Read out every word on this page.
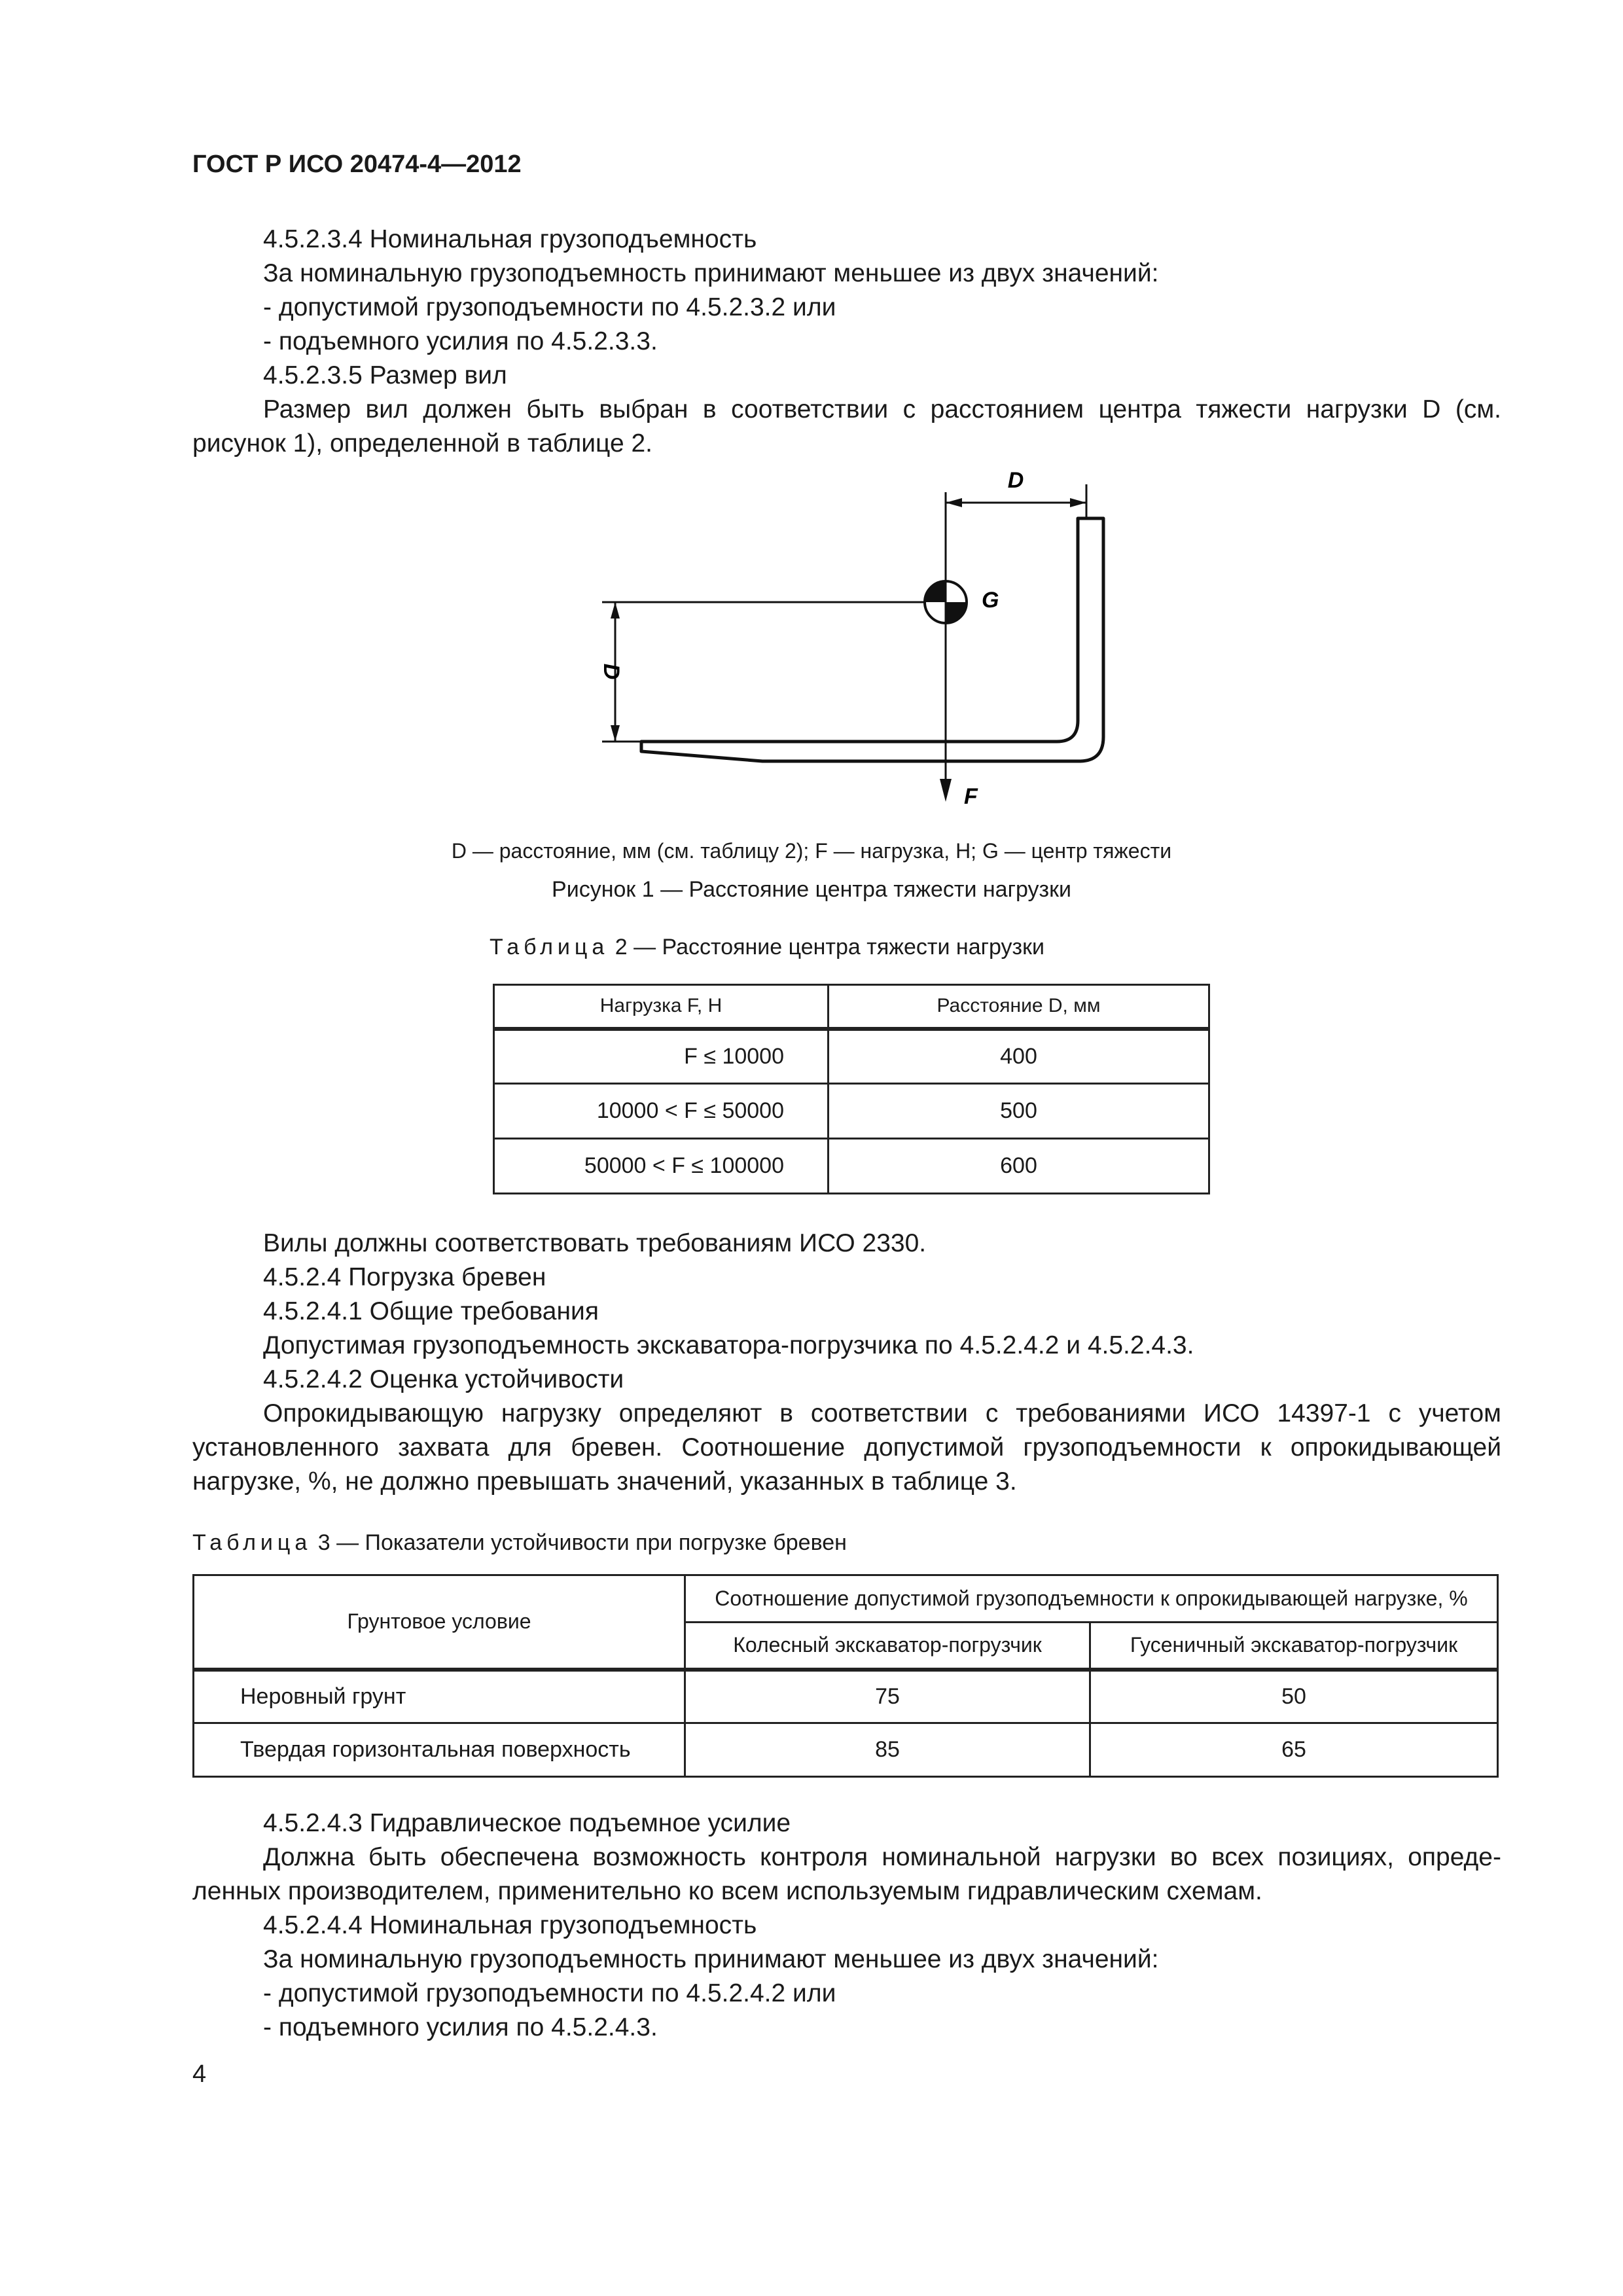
ГОСТ Р ИСО 20474-4—2012

4.5.2.3.4 Номинальная грузоподъемность

За номинальную грузоподъемность принимают меньшее из двух значений:

- допустимой грузоподъемности по 4.5.2.3.2 или

- подъемного усилия по 4.5.2.3.3.

4.5.2.3.5 Размер вил

Размер вил должен быть выбран в соответствии с расстоянием центра тяжести нагрузки D (см.

рисунок 1), определенной в таблице 2.

D
D
G
F
D — расстояние, мм (см. таблицу 2); F — нагрузка, Н; G — центр тяжести
Рисунок 1 — Расстояние центра тяжести нагрузки
Таблица 2 — Расстояние центра тяжести нагрузки
Нагрузка F, Н	Расстояние D, мм
F ≤ 10000	400
10000 < F ≤ 50000	500
50000 < F ≤ 100000	600

Вилы должны соответствовать требованиям ИСО 2330.

4.5.2.4 Погрузка бревен

4.5.2.4.1 Общие требования

Допустимая грузоподъемность экскаватора-погрузчика по 4.5.2.4.2 и 4.5.2.4.3.

4.5.2.4.2 Оценка устойчивости

Опрокидывающую нагрузку определяют в соответствии с требованиями ИСО 14397-1 с учетом

установленного захвата для бревен. Соотношение допустимой грузоподъемности к опрокидывающей

нагрузке, %, не должно превышать значений, указанных в таблице 3.

Таблица 3 — Показатели устойчивости при погрузке бревен
Грунтовое условие	Соотношение допустимой грузоподъемности к опрокидывающей нагрузке, %	
	Колесный экскаватор-погрузчик	Гусеничный экскаватор-погрузчик
Неровный грунт	75	50
Твердая горизонтальная поверхность	85	65

4.5.2.4.3 Гидравлическое подъемное усилие

Должна быть обеспечена возможность контроля номинальной нагрузки во всех позициях, опреде-

ленных производителем, применительно ко всем используемым гидравлическим схемам.

4.5.2.4.4 Номинальная грузоподъемность

За номинальную грузоподъемность принимают меньшее из двух значений:

- допустимой грузоподъемности по 4.5.2.4.2 или

- подъемного усилия по 4.5.2.4.3.

4
